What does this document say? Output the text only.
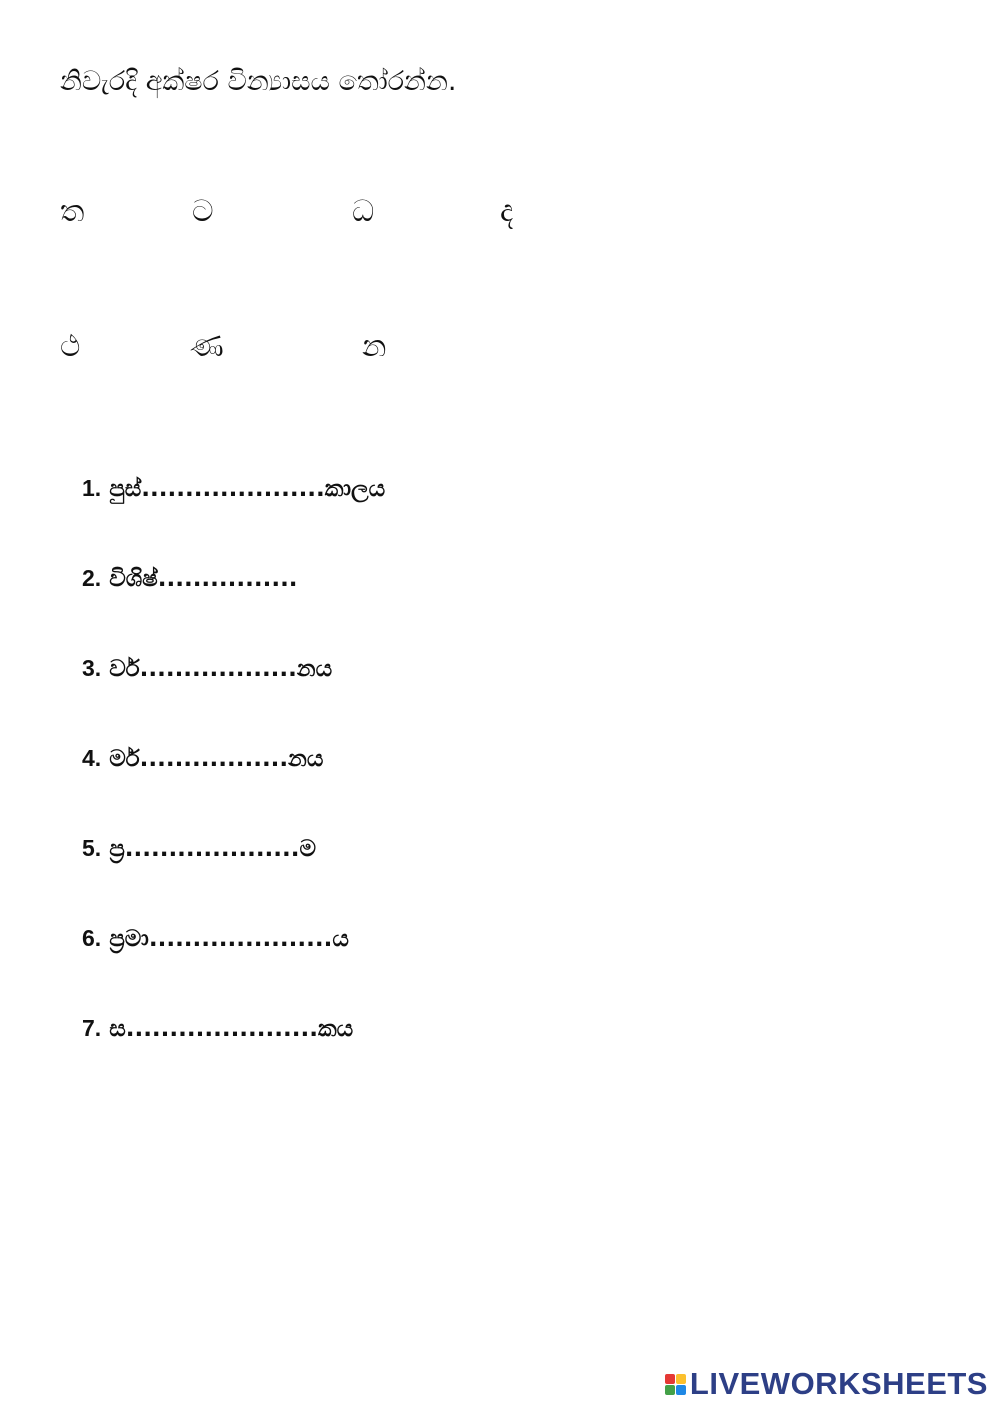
නිවැරදි අක්ෂර වින්‍යාසය තෝරන්න.
ත	ට	ධ	ද
ථ	ණ	න
1. පුස්.....................කාලය
2. විශිෂ්................
3. වර්..................නය
4. මර්.................නය
5. ප්‍ර....................ම
6. ප්‍රමා.....................ය
7. ස......................කය
LIVEWORKSHEETS
